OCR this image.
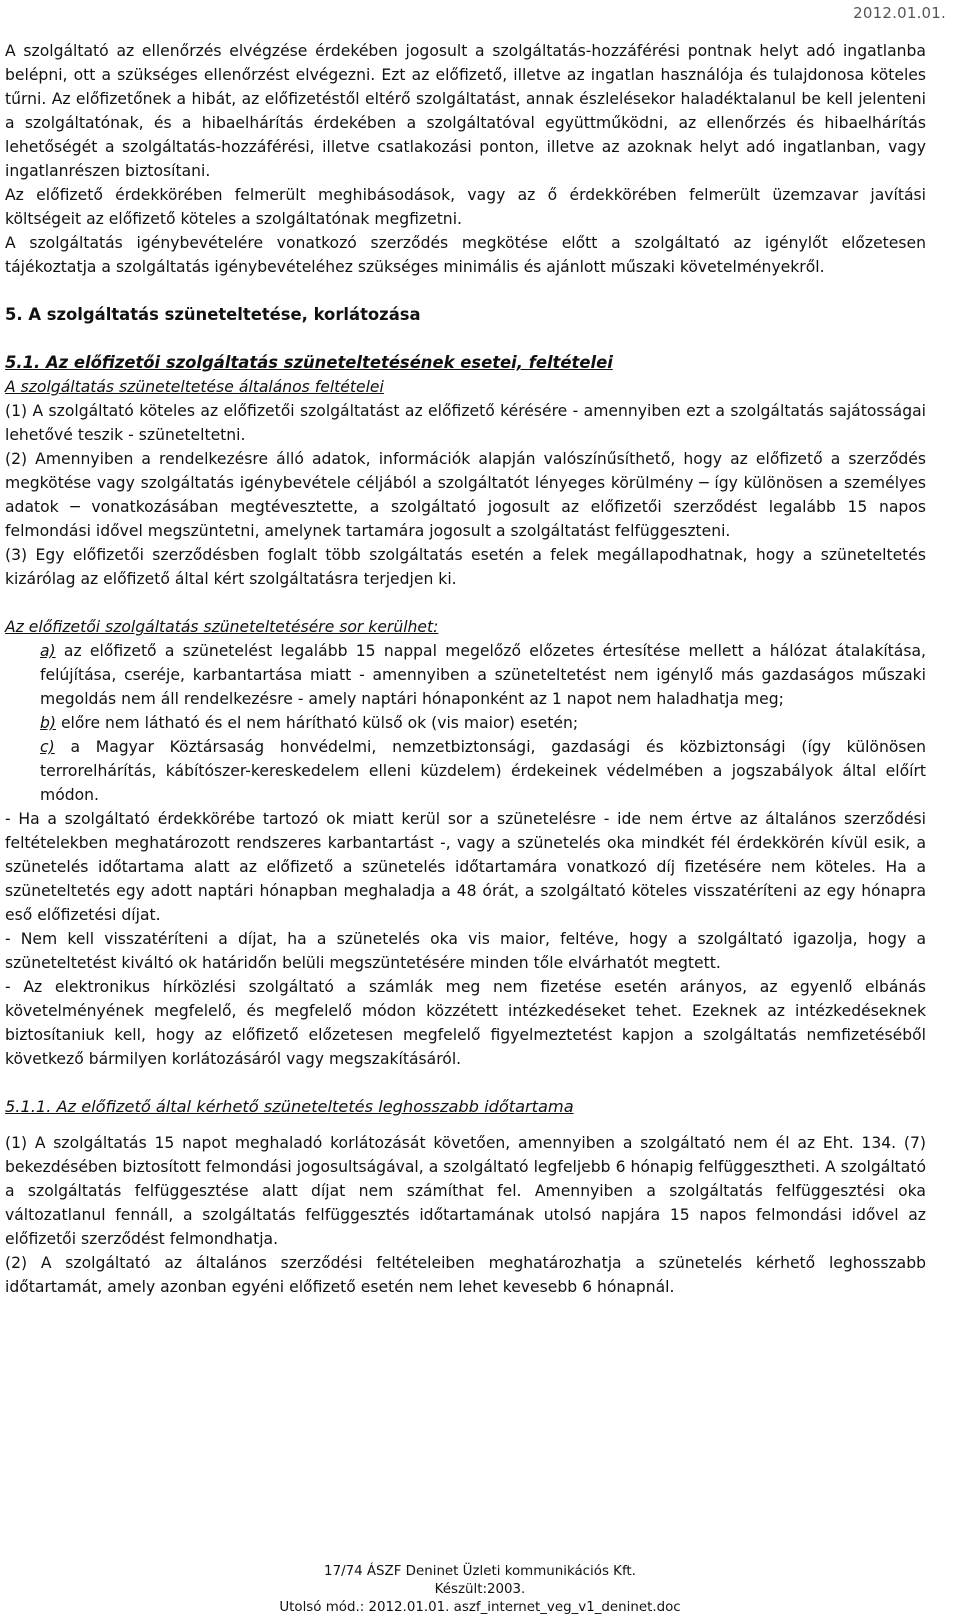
2012.01.01.
A szolgáltató az ellenőrzés elvégzése érdekében jogosult a szolgáltatás-hozzáférési pontnak helyt adó ingatlanba belépni, ott a szükséges ellenőrzést elvégezni. Ezt az előfizető, illetve az ingatlan használója és tulajdonosa köteles tűrni. Az előfizetőnek a hibát, az előfizetéstől eltérő szolgáltatást, annak észlelésekor haladéktalanul be kell jelenteni a szolgáltatónak, és a hibaelhárítás érdekében a szolgáltatóval együttműködni, az ellenőrzés és hibaelhárítás lehetőségét a szolgáltatás-hozzáférési, illetve csatlakozási ponton, illetve az azoknak helyt adó ingatlanban, vagy ingatlanrészen biztosítani.
Az előfizető érdekkörében felmerült meghibásodások, vagy az ő érdekkörében felmerült üzemzavar javítási költségeit az előfizető köteles a szolgáltatónak megfizetni.
A szolgáltatás igénybevételére vonatkozó szerződés megkötése előtt a szolgáltató az igénylőt előzetesen tájékoztatja a szolgáltatás igénybevételéhez szükséges minimális és ajánlott műszaki követelményekről.
5. A szolgáltatás szüneteltetése, korlátozása
5.1. Az előfizetői szolgáltatás szüneteltetésének esetei, feltételei
A szolgáltatás szüneteltetése általános feltételei
(1) A szolgáltató köteles az előfizetői szolgáltatást az előfizető kérésére - amennyiben ezt a szolgáltatás sajátosságai lehetővé teszik - szüneteltetni.
(2) Amennyiben a rendelkezésre álló adatok, információk alapján valószínűsíthető, hogy az előfizető a szerződés megkötése vagy szolgáltatás igénybevétele céljából a szolgáltatót lényeges körülmény ─ így különösen a személyes adatok ─ vonatkozásában megtévesztette, a szolgáltató jogosult az előfizetői szerződést legalább 15 napos felmondási idővel megszüntetni, amelynek tartamára jogosult a szolgáltatást felfüggeszteni.
(3) Egy előfizetői szerződésben foglalt több szolgáltatás esetén a felek megállapodhatnak, hogy a szüneteltetés kizárólag az előfizető által kért szolgáltatásra terjedjen ki.
Az előfizetői szolgáltatás szüneteltetésére sor kerülhet:
a) az előfizető a szünetelést legalább 15 nappal megelőző előzetes értesítése mellett a hálózat átalakítása, felújítása, cseréje, karbantartása miatt - amennyiben a szüneteltetést nem igénylő más gazdaságos műszaki megoldás nem áll rendelkezésre - amely naptári hónaponként az 1 napot nem haladhatja meg;
b) előre nem látható és el nem hárítható külső ok (vis maior) esetén;
c) a Magyar Köztársaság honvédelmi, nemzetbiztonsági, gazdasági és közbiztonsági (így különösen terrorelhárítás, kábítószer-kereskedelem elleni küzdelem) érdekeinek védelmében a jogszabályok által előírt módon.
- Ha a szolgáltató érdekkörébe tartozó ok miatt kerül sor a szünetelésre - ide nem értve az általános szerződési feltételekben meghatározott rendszeres karbantartást -, vagy a szünetelés oka mindkét fél érdekkörén kívül esik, a szünetelés időtartama alatt az előfizető a szünetelés időtartamára vonatkozó díj fizetésére nem köteles. Ha a szüneteltetés egy adott naptári hónapban meghaladja a 48 órát, a szolgáltató köteles visszatéríteni az egy hónapra eső előfizetési díjat.
- Nem kell visszatéríteni a díjat, ha a szünetelés oka vis maior, feltéve, hogy a szolgáltató igazolja, hogy a szüneteltetést kiváltó ok határidőn belüli megszüntetésére minden tőle elvárhatót megtett.
- Az elektronikus hírközlési szolgáltató a számlák meg nem fizetése esetén arányos, az egyenlő elbánás követelményének megfelelő, és megfelelő módon közzétett intézkedéseket tehet. Ezeknek az intézkedéseknek biztosítaniuk kell, hogy az előfizető előzetesen megfelelő figyelmeztetést kapjon a szolgáltatás nemfizetéséből következő bármilyen korlátozásáról vagy megszakításáról.
5.1.1. Az előfizető által kérhető szüneteltetés leghosszabb időtartama
(1) A szolgáltatás 15 napot meghaladó korlátozását követően, amennyiben a szolgáltató nem él az Eht. 134. (7) bekezdésében biztosított felmondási jogosultságával, a szolgáltató legfeljebb 6 hónapig felfüggesztheti. A szolgáltató a szolgáltatás felfüggesztése alatt díjat nem számíthat fel. Amennyiben a szolgáltatás felfüggesztési oka változatlanul fennáll, a szolgáltatás felfüggesztés időtartamának utolsó napjára 15 napos felmondási idővel az előfizetői szerződést felmondhatja.
(2) A szolgáltató az általános szerződési feltételeiben meghatározhatja a szünetelés kérhető leghosszabb időtartamát, amely azonban egyéni előfizető esetén nem lehet kevesebb 6 hónapnál.
17/74 ÁSZF Deninet Üzleti kommunikációs Kft.
Készült:2003.
Utolsó mód.: 2012.01.01. aszf_internet_veg_v1_deninet.doc
